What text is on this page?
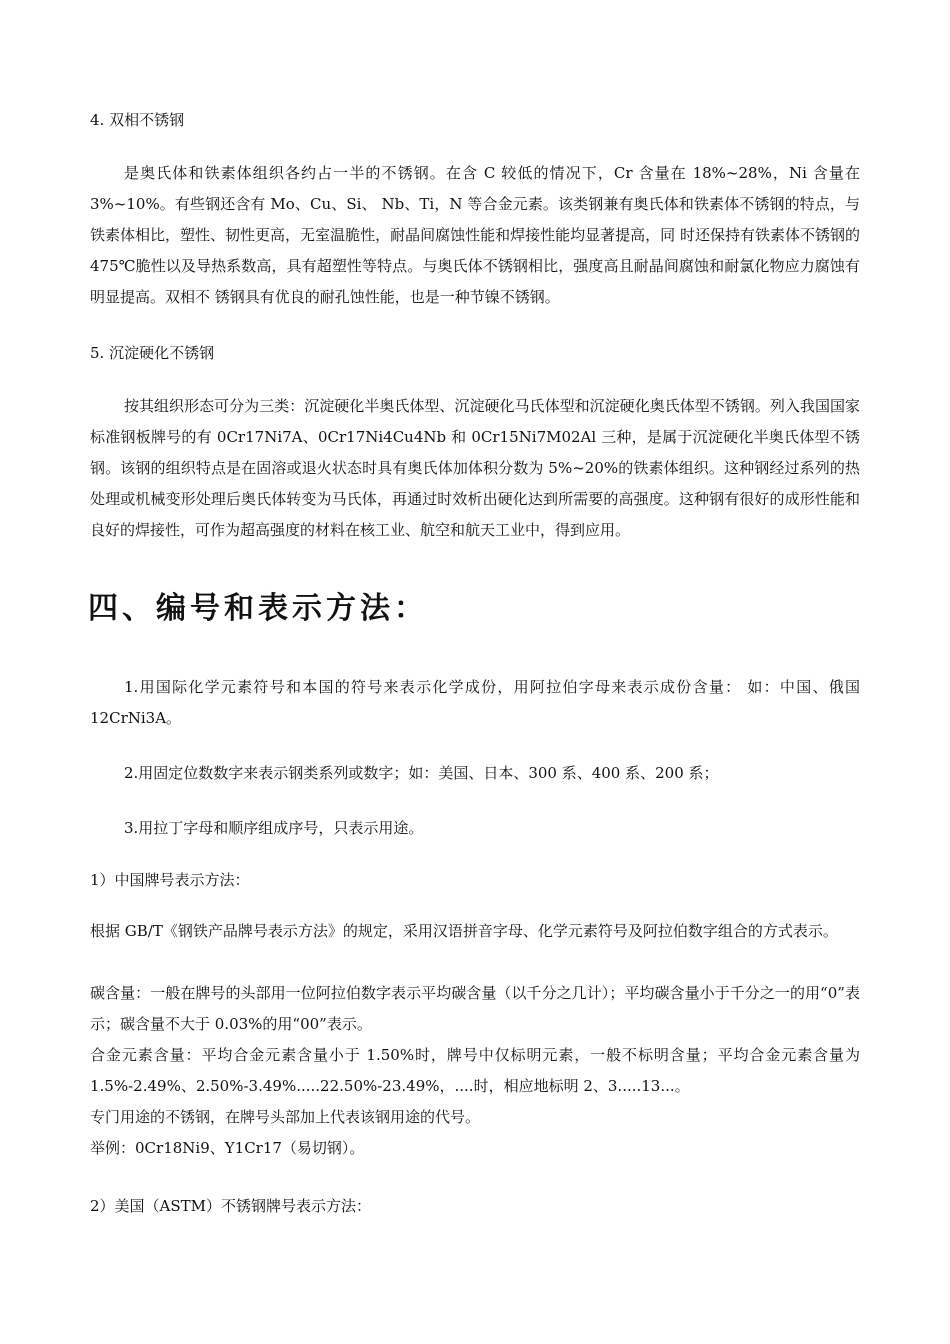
4. 双相不锈钢
是奥氏体和铁素体组织各约占一半的不锈钢。在含 C 较低的情况下，Cr 含量在 18%~28%，Ni 含量在 3%~10%。有些钢还含有 Mo、Cu、Si、 Nb、Ti，N 等合金元素。该类钢兼有奥氏体和铁素体不锈钢的特点，与铁素体相比，塑性、韧性更高，无室温脆性，耐晶间腐蚀性能和焊接性能均显著提高，同 时还保持有铁素体不锈钢的 475℃脆性以及导热系数高，具有超塑性等特点。与奥氏体不锈钢相比，强度高且耐晶间腐蚀和耐氯化物应力腐蚀有明显提高。双相不 锈钢具有优良的耐孔蚀性能，也是一种节镍不锈钢。
5. 沉淀硬化不锈钢
按其组织形态可分为三类：沉淀硬化半奥氏体型、沉淀硬化马氏体型和沉淀硬化奥氏体型不锈钢。列入我国国家标准钢板牌号的有 0Cr17Ni7A、0Cr17Ni4Cu4Nb 和 0Cr15Ni7M02Al 三种，是属于沉淀硬化半奥氏体型不锈钢。该钢的组织特点是在固溶或退火状态时具有奥氏体加体积分数为 5%~20%的铁素体组织。这种钢经过系列的热处理或机械变形处理后奥氏体转变为马氏体，再通过时效析出硬化达到所需要的高强度。这种钢有很好的成形性能和良好的焊接性，可作为超高强度的材料在核工业、航空和航天工业中，得到应用。
四、编号和表示方法：
1.用国际化学元素符号和本国的符号来表示化学成份，用阿拉伯字母来表示成份含量： 如：中国、俄国 12CrNi3A。
2.用固定位数数字来表示钢类系列或数字；如：美国、日本、300 系、400 系、200 系；
3.用拉丁字母和顺序组成序号，只表示用途。
1）中国牌号表示方法：
根据 GB/T《钢铁产品牌号表示方法》的规定，采用汉语拼音字母、化学元素符号及阿拉伯数字组合的方式表示。
碳含量：一般在牌号的头部用一位阿拉伯数字表示平均碳含量（以千分之几计）；平均碳含量小于千分之一的用“0”表示；碳含量不大于 0.03%的用“00”表示。
合金元素含量：平均合金元素含量小于 1.50%时，牌号中仅标明元素，一般不标明含量；平均合金元素含量为 1.5%-2.49%、2.50%-3.49%.....22.50%-23.49%，....时，相应地标明 2、3.....13...。
专门用途的不锈钢，在牌号头部加上代表该钢用途的代号。
举例：0Cr18Ni9、Y1Cr17（易切钢）。
2）美国（ASTM）不锈钢牌号表示方法：
